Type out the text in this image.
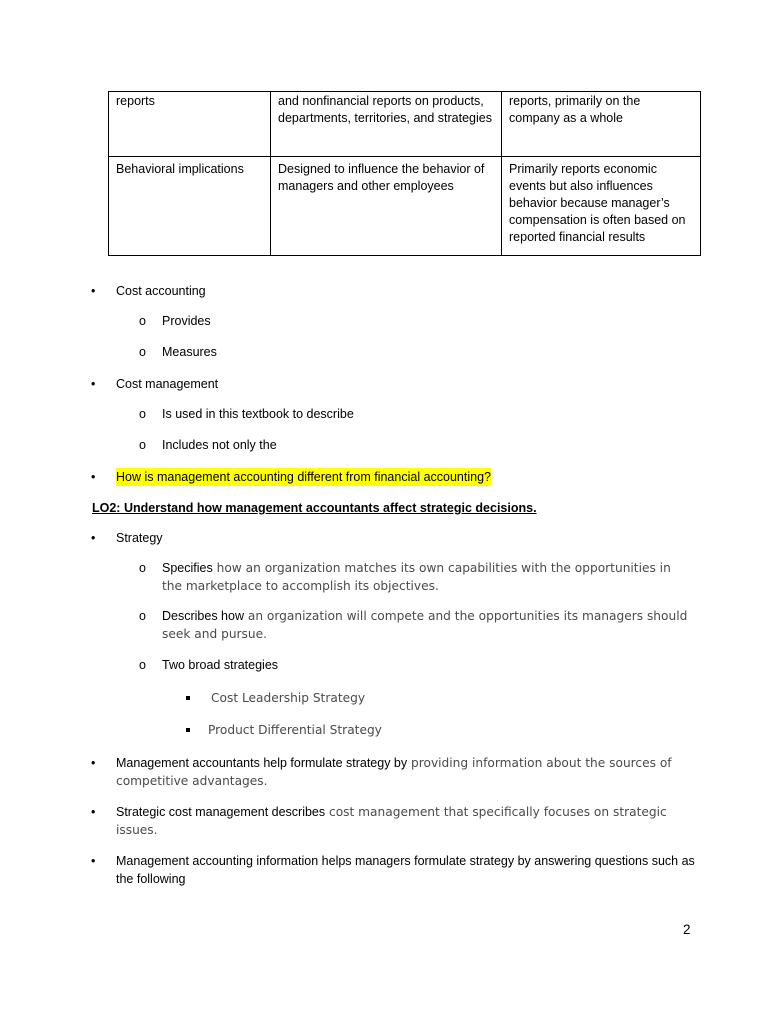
reports	and nonfinancial reports on products, departments, territories, and strategies	reports, primarily on the company as a whole
Behavioral implications	Designed to influence the behavior of managers and other employees	Primarily reports economic events but also influences behavior because manager’s compensation is often based on reported financial results
• Cost accounting
o Provides
o Measures
• Cost management
o Is used in this textbook to describe
o Includes not only the
• How is management accounting different from financial accounting?
LO2: Understand how management accountants affect strategic decisions.
• Strategy
o Specifies how an organization matches its own capabilities with the opportunities in the marketplace to accomplish its objectives.
o Describes how an organization will compete and the opportunities its managers should seek and pursue.
o Two broad strategies
Cost Leadership Strategy
Product Differential Strategy
• Management accountants help formulate strategy by providing information about the sources of competitive advantages.
• Strategic cost management describes cost management that specifically focuses on strategic issues.
• Management accounting information helps managers formulate strategy by answering questions such as the following
2
